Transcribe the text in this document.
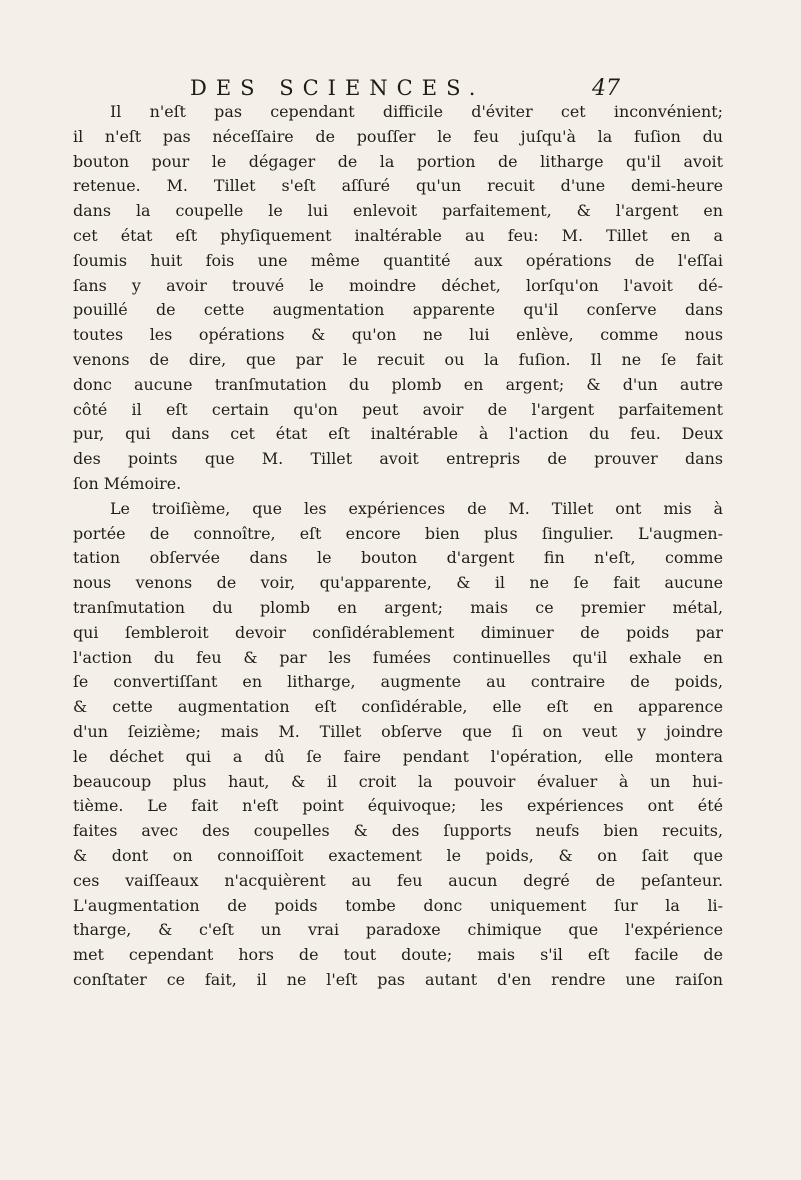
DES SCIENCES.	47
Il n'eſt pas cependant difficile d'éviter cet inconvénient;
il n'eſt pas néceſſaire de pouſſer le feu juſqu'à la fuſion du
bouton pour le dégager de la portion de litharge qu'il avoit
retenue. M. Tillet s'eſt aſſuré qu'un recuit d'une demi-heure
dans la coupelle le lui enlevoit parfaitement, & l'argent en
cet état eſt phyſiquement inaltérable au feu: M. Tillet en a
ſoumis huit fois une même quantité aux opérations de l'eſſai
ſans y avoir trouvé le moindre déchet, lorſqu'on l'avoit dé-
pouillé de cette augmentation apparente qu'il conſerve dans
toutes les opérations & qu'on ne lui enlève, comme nous
venons de dire, que par le recuit ou la fuſion. Il ne ſe fait
donc aucune tranſmutation du plomb en argent; & d'un autre
côté il eſt certain qu'on peut avoir de l'argent parfaitement
pur, qui dans cet état eſt inaltérable à l'action du feu. Deux
des points que M. Tillet avoit entrepris de prouver dans
ſon Mémoire.
Le troiſième, que les expériences de M. Tillet ont mis à
portée de connoître, eſt encore bien plus ſingulier. L'augmen-
tation obſervée dans le bouton d'argent fin n'eſt, comme
nous venons de voir, qu'apparente, & il ne ſe fait aucune
tranſmutation du plomb en argent; mais ce premier métal,
qui ſembleroit devoir conſidérablement diminuer de poids par
l'action du feu & par les fumées continuelles qu'il exhale en
ſe convertiſſant en litharge, augmente au contraire de poids,
& cette augmentation eſt conſidérable, elle eſt en apparence
d'un ſeizième; mais M. Tillet obſerve que ſi on veut y joindre
le déchet qui a dû ſe faire pendant l'opération, elle montera
beaucoup plus haut, & il croit la pouvoir évaluer à un hui-
tième. Le fait n'eſt point équivoque; les expériences ont été
faites avec des coupelles & des ſupports neufs bien recuits,
& dont on connoiſſoit exactement le poids, & on ſait que
ces vaiſſeaux n'acquièrent au feu aucun degré de peſanteur.
L'augmentation de poids tombe donc uniquement ſur la li-
tharge, & c'eſt un vrai paradoxe chimique que l'expérience
met cependant hors de tout doute; mais s'il eſt facile de
conſtater ce fait, il ne l'eſt pas autant d'en rendre une raiſon
